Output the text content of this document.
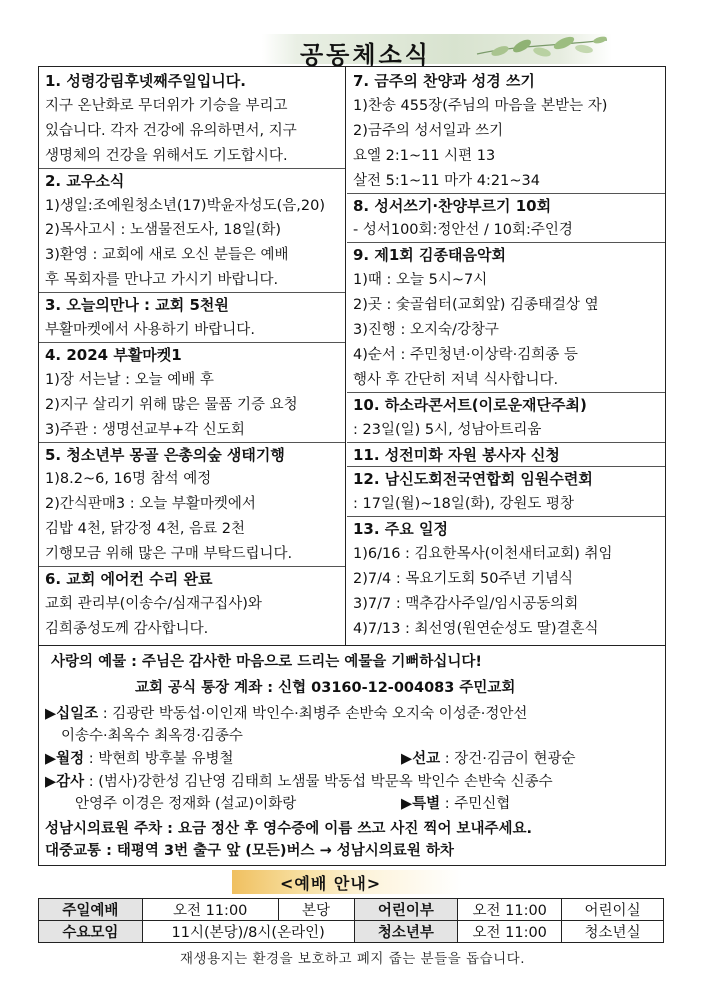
공동체소식
1. 성령강림후넷째주일입니다.
지구 온난화로 무더위가 기승을 부리고
있습니다. 각자 건강에 유의하면서, 지구
생명체의 건강을 위해서도 기도합시다.
2. 교우소식
1)생일:조예원청소년(17)박윤자성도(음,20)
2)목사고시 : 노샘물전도사, 18일(화)
3)환영 : 교회에 새로 오신 분들은 예배
후 목회자를 만나고 가시기 바랍니다.
3. 오늘의만나 : 교회 5천원
부활마켓에서 사용하기 바랍니다.
4. 2024 부활마켓1
1)장 서는날 : 오늘 예배 후
2)지구 살리기 위해 많은 물품 기증 요청
3)주관 : 생명선교부+각 신도회
5. 청소년부 몽골 은총의숲 생태기행
1)8.2~6, 16명 참석 예정
2)간식판매3 : 오늘 부활마켓에서
김밥 4천, 닭강정 4천, 음료 2천
기행모금 위해 많은 구매 부탁드립니다.
6. 교회 에어컨 수리 완료
교회 관리부(이송수/심재구집사)와
김희종성도께 감사합니다.
7. 금주의 찬양과 성경 쓰기
1)찬송 455장(주님의 마음을 본받는 자)
2)금주의 성서일과 쓰기
요엘 2:1~11 시편 13
살전 5:1~11 마가 4:21~34
8. 성서쓰기·찬양부르기 10회
- 성서100회:정안선 / 10회:주인경
9. 제1회 김종태음악회
1)때 : 오늘 5시~7시
2)곳 : 숯골쉼터(교회앞) 김종태걸상 옆
3)진행 : 오지숙/강창구
4)순서 : 주민청년·이상락·김희종 등
행사 후 간단히 저녁 식사합니다.
10. 하소라콘서트(이로운재단주최)
: 23일(일) 5시, 성남아트리움
11. 성전미화 자원 봉사자 신청
12. 남신도회전국연합회 임원수련회
: 17일(월)~18일(화), 강원도 평창
13. 주요 일정
1)6/16 : 김요한목사(이천새터교회) 취임
2)7/4 : 목요기도회 50주년 기념식
3)7/7 : 맥추감사주일/임시공동의회
4)7/13 : 최선영(원연순성도 딸)결혼식
사랑의 예물 : 주님은 감사한 마음으로 드리는 예물을 기뻐하십니다!
교회 공식 통장 계좌 : 신협 03160-12-004083 주민교회
▶십일조 : 김광란 박동섭·이인재 박인수·최병주 손반숙 오지숙 이성준·정안선
이송수·최옥수 최옥경·김종수
▶월정 : 박현희 방후불 유병철	▶선교 : 장건·김금이 현광순
▶감사 : (범사)강한성 김난영 김태희 노샘물 박동섭 박문옥 박인수 손반숙 신종수
안영주 이경은 정재화 (설교)이화랑	▶특별 : 주민신협
성남시의료원 주차 : 요금 정산 후 영수증에 이름 쓰고 사진 찍어 보내주세요.
대중교통 : 태평역 3번 출구 앞 (모든)버스 → 성남시의료원 하차
<예배 안내>
주일예배	오전 11:00	본당	어린이부	오전 11:00	어린이실
수요모임	11시(본당)/8시(온라인)		청소년부	오전 11:00	청소년실
재생용지는 환경을 보호하고 폐지 줍는 분들을 돕습니다.
